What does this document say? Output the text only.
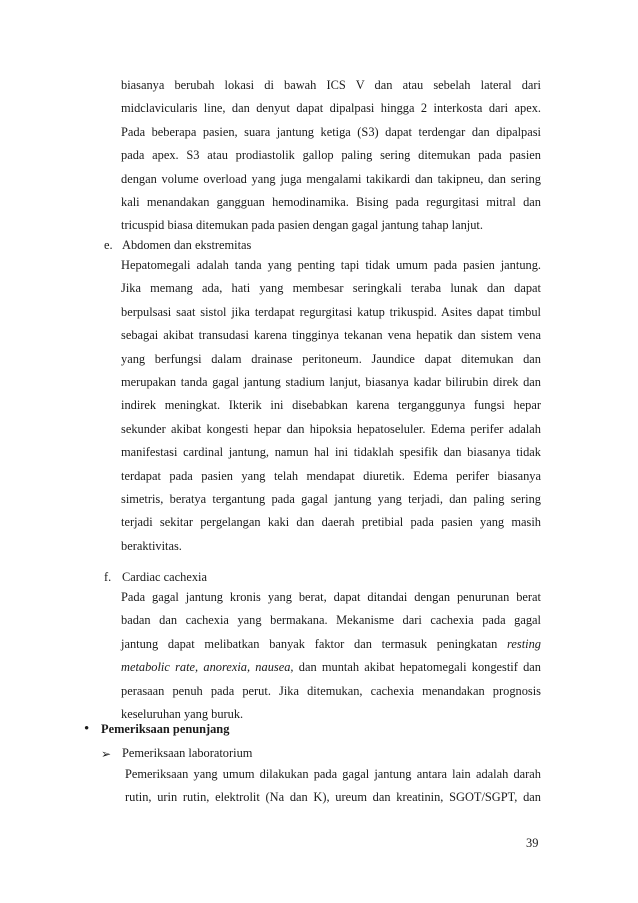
biasanya berubah lokasi di bawah ICS V dan atau sebelah lateral dari

midclavicularis line, dan denyut dapat dipalpasi hingga 2 interkosta dari apex.

Pada beberapa pasien, suara jantung ketiga (S3) dapat terdengar dan dipalpasi

pada apex. S3 atau prodiastolik gallop paling sering ditemukan pada pasien

dengan volume overload yang juga mengalami takikardi dan takipneu, dan sering

kali menandakan gangguan hemodinamika. Bising pada regurgitasi mitral dan

tricuspid biasa ditemukan pada pasien dengan gagal jantung tahap lanjut.

e. Abdomen dan ekstremitas

Hepatomegali adalah tanda yang penting tapi tidak umum pada pasien jantung.

Jika memang ada, hati yang membesar seringkali teraba lunak dan dapat

berpulsasi saat sistol jika terdapat regurgitasi katup trikuspid. Asites dapat timbul

sebagai akibat transudasi karena tingginya tekanan vena hepatik dan sistem vena

yang berfungsi dalam drainase peritoneum. Jaundice dapat ditemukan dan

merupakan tanda gagal jantung stadium lanjut, biasanya kadar bilirubin direk dan

indirek meningkat. Ikterik ini disebabkan karena terganggunya fungsi hepar

sekunder akibat kongesti hepar dan hipoksia hepatoseluler. Edema perifer adalah

manifestasi cardinal jantung, namun hal ini tidaklah spesifik dan biasanya tidak

terdapat pada pasien yang telah mendapat diuretik. Edema perifer biasanya

simetris, beratya tergantung pada gagal jantung yang terjadi, dan paling sering

terjadi sekitar pergelangan kaki dan daerah pretibial pada pasien yang masih

beraktivitas.

f. Cardiac cachexia

Pada gagal jantung kronis yang berat, dapat ditandai dengan penurunan berat

badan dan cachexia yang bermakana. Mekanisme dari cachexia pada gagal

jantung dapat melibatkan banyak faktor dan termasuk peningkatan resting

metabolic rate, anorexia, nausea, dan muntah akibat hepatomegali kongestif dan

perasaan penuh pada perut. Jika ditemukan, cachexia menandakan prognosis

keseluruhan yang buruk.

• Pemeriksaan penunjang
➢ Pemeriksaan laboratorium

Pemeriksaan yang umum dilakukan pada gagal jantung antara lain adalah darah

rutin, urin rutin, elektrolit (Na dan K), ureum dan kreatinin, SGOT/SGPT, dan

39
